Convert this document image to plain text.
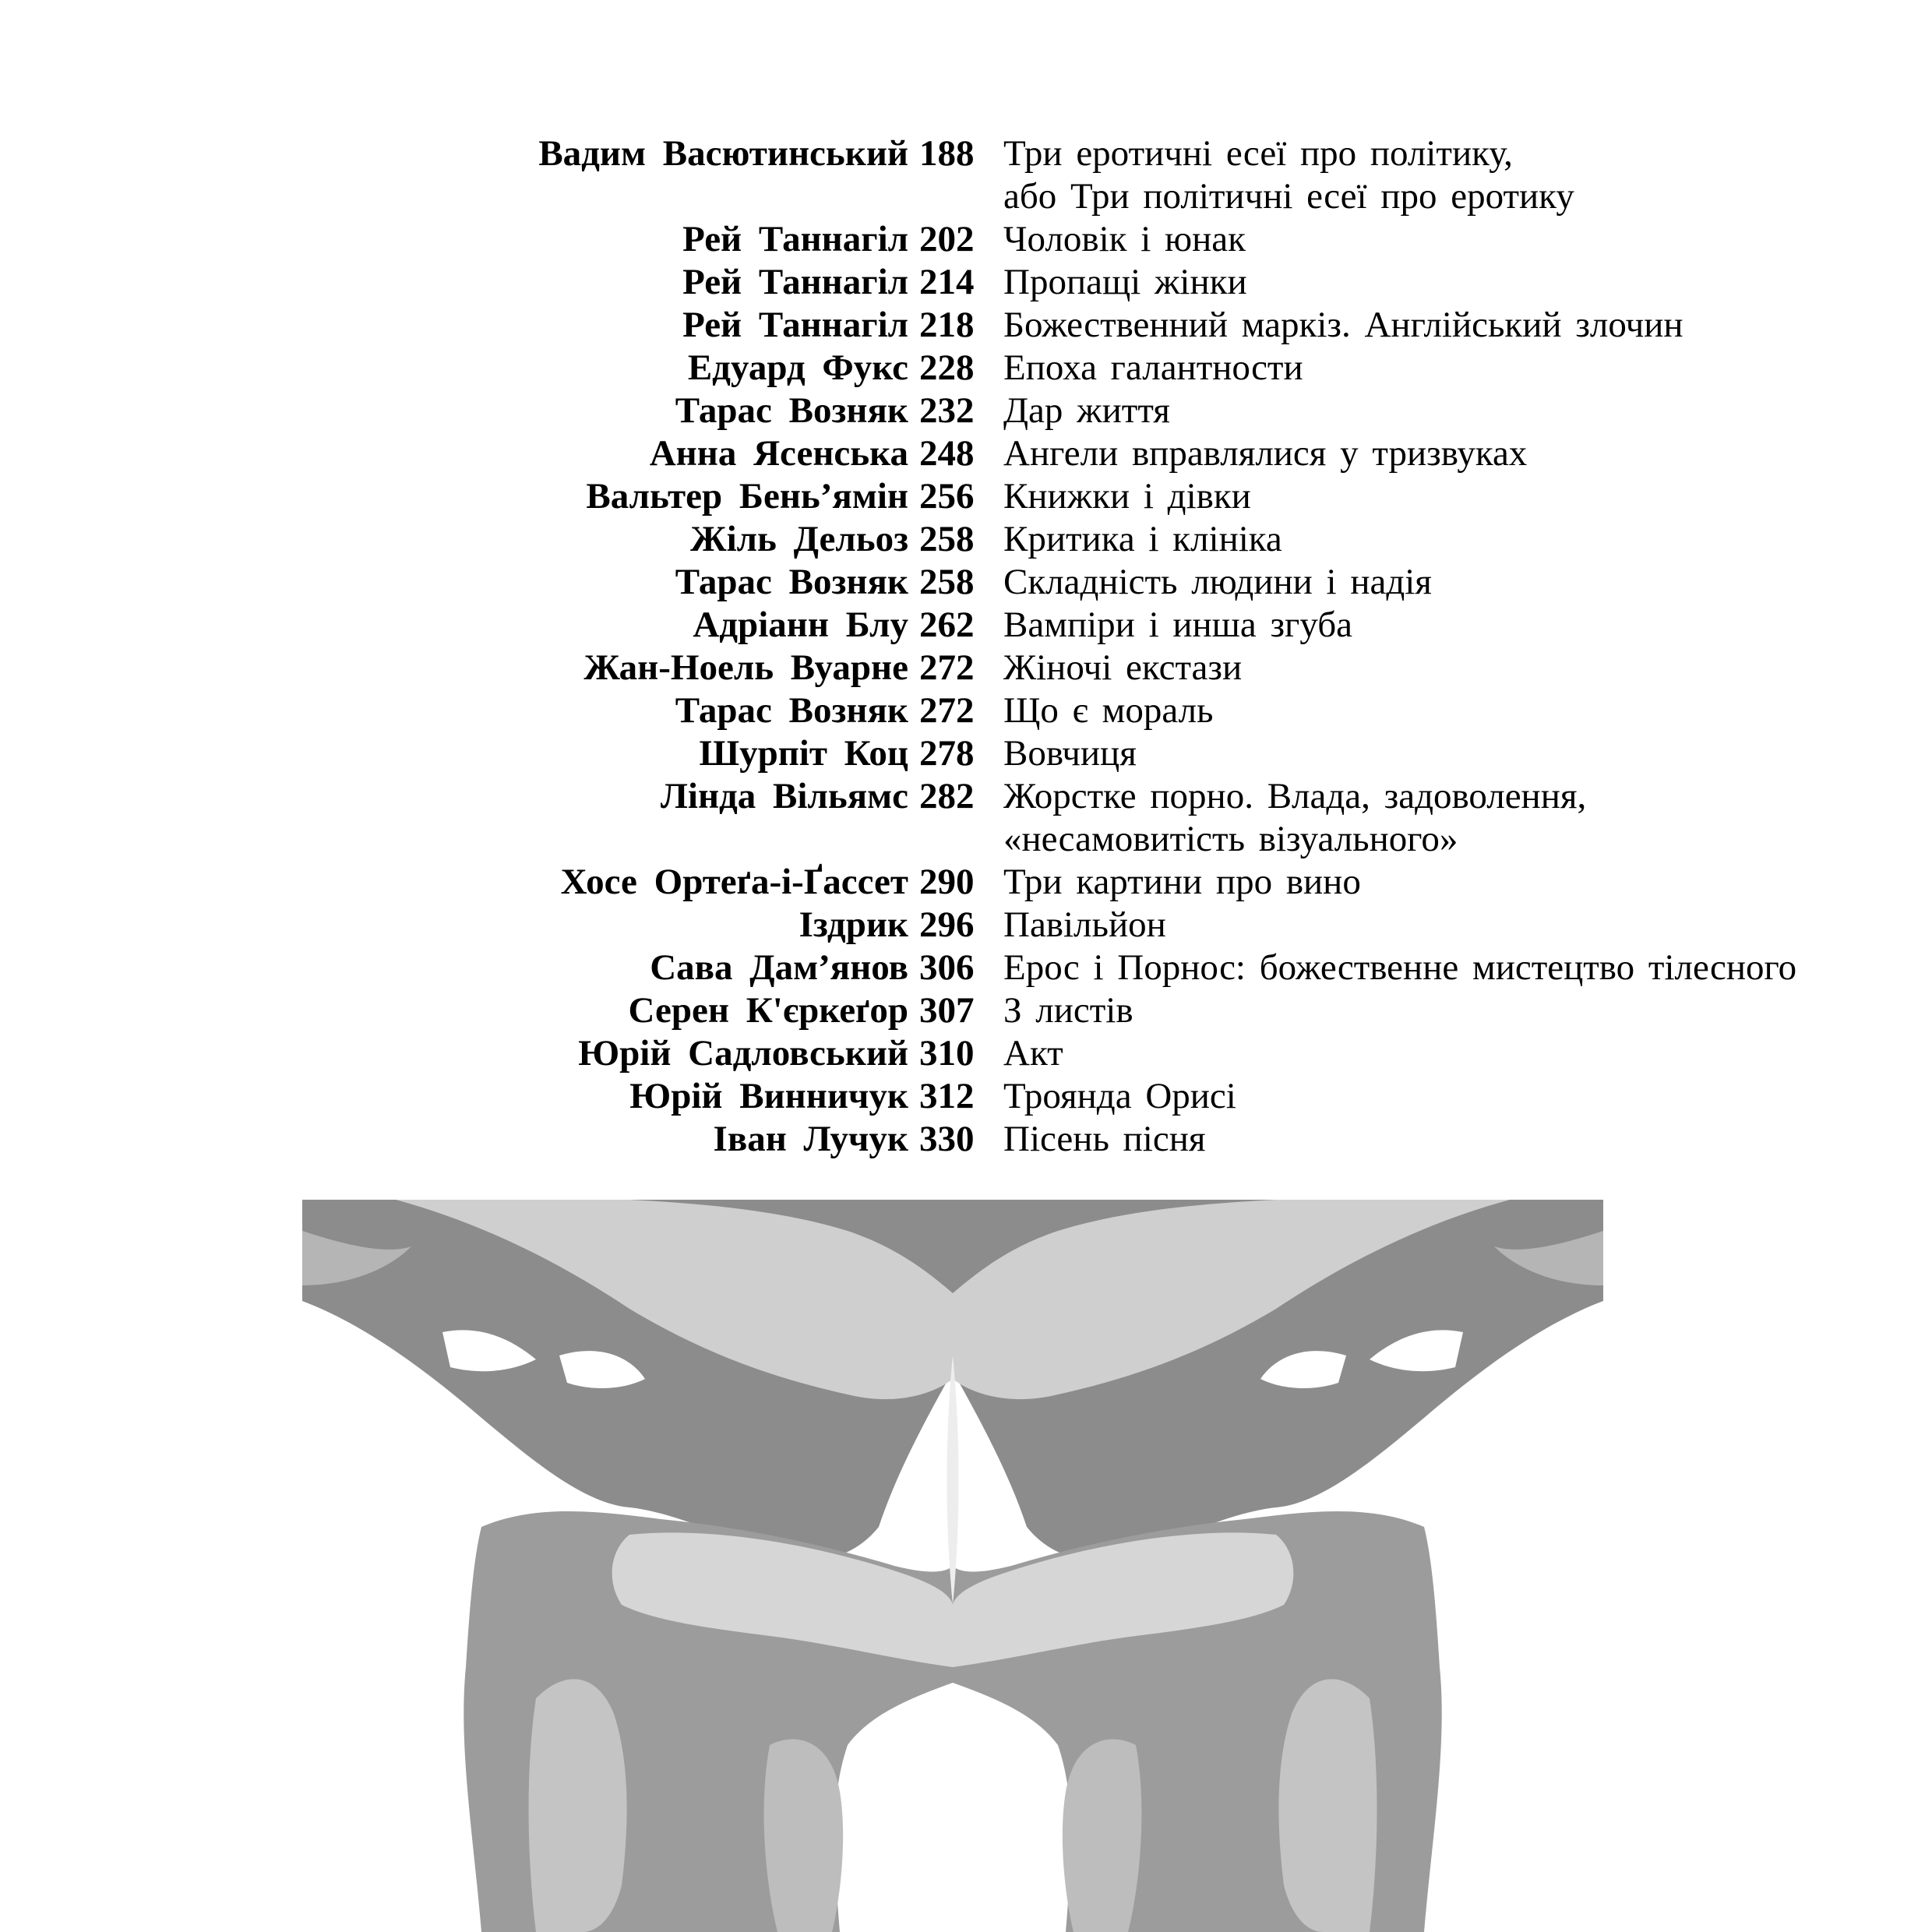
Вадим Васютинський 188 Три еротичні есеї про політику,
або Три політичні есеї про еротику
Рей Таннагіл 202 Чоловік і юнак
Рей Таннагіл 214 Пропащі жінки
Рей Таннагіл 218 Божественний маркіз. Англійський злочин
Едуард Фукс 228 Епоха галантности
Тарас Возняк 232 Дар життя
Анна Ясенська 248 Ангели вправлялися у тризвуках
Вальтер Бень’ямін 256 Книжки і дівки
Жіль Дельоз 258 Критика і клініка
Тарас Возняк 258 Складність людини і надія
Адріанн Блу 262 Вампіри і инша згуба
Жан-Ноель Вуарне 272 Жіночі екстази
Тарас Возняк 272 Що є мораль
Шурпіт Коц 278 Вовчиця
Лінда Вільямс 282 Жорстке порно. Влада, задоволення,
«несамовитість візуального»
Хосе Ортеґа-і-Ґассет 290 Три картини про вино
Іздрик 296 Павільйон
Сава Дам’янов 306 Ерос і Порнос: божественне мистецтво тілесного
Серен К'єркеґор 307 З листів
Юрій Садловський 310 Акт
Юрій Винничук 312 Троянда Орисі
Іван Лучук 330 Пісень пісня
